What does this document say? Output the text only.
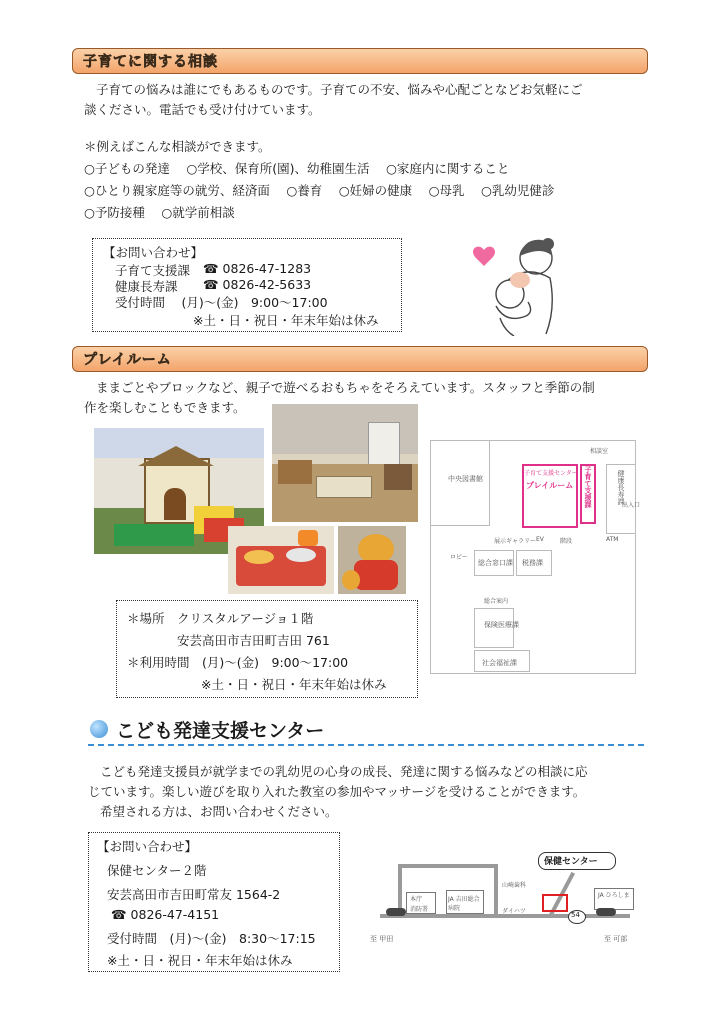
子育てに関する相談
子育ての悩みは誰にでもあるものです。子育ての不安、悩みや心配ごとなどお気軽にご
談ください。電話でも受け付けています。
＊例えばこんな相談ができます。
○子どもの発達　 ○学校、保育所(園)、幼稚園生活　 ○家庭内に関すること
○ひとり親家庭等の就労、経済面　 ○養育　 ○妊婦の健康　 ○母乳　 ○乳幼児健診
○予防接種　 ○就学前相談
【お問い合わせ】
子育て支援課 ☎ 0826-47-1283
健康長寿課 ☎ 0826-42-5633
受付時間　 (月)～(金)　9:00～17:00
※土・日・祝日・年末年始は休み
プレイルーム
ままごとやブロックなど、親子で遊べるおもちゃをそろえています。スタッフと季節の制
作を楽しむこともできます。
＊場所　クリスタルアージョ１階
安芸高田市吉田町吉田 761
＊利用時間　(月)～(金)　9:00～17:00
※土・日・祝日・年末年始は休み
中央図書館
子育て支援センター
プレイルーム 子育て支援課	健康長寿課
相談室
ロビー
展示ギャラリー EV	階段	ATM
出入口
総合窓口課 税務課
総合案内
保険医療課
社会福祉課
こども発達支援センター
こども発達支援員が就学までの乳幼児の心身の成長、発達に関する悩みなどの相談に応
じています。楽しい遊びを取り入れた教室の参加やマッサージを受けることができます。
希望される方は、お問い合わせください。
【お問い合わせ】
保健センター２階
安芸高田市吉田町常友 1564-2
☎ 0826-47-4151
受付時間　(月)～(金)　8:30～17:15
※土・日・祝日・年末年始は休み
保健センター
本庁
消防署
JA 吉田総合病院
山崎歯科
ダイハツ
JA ひろしま
54
至 甲田	至 可部
